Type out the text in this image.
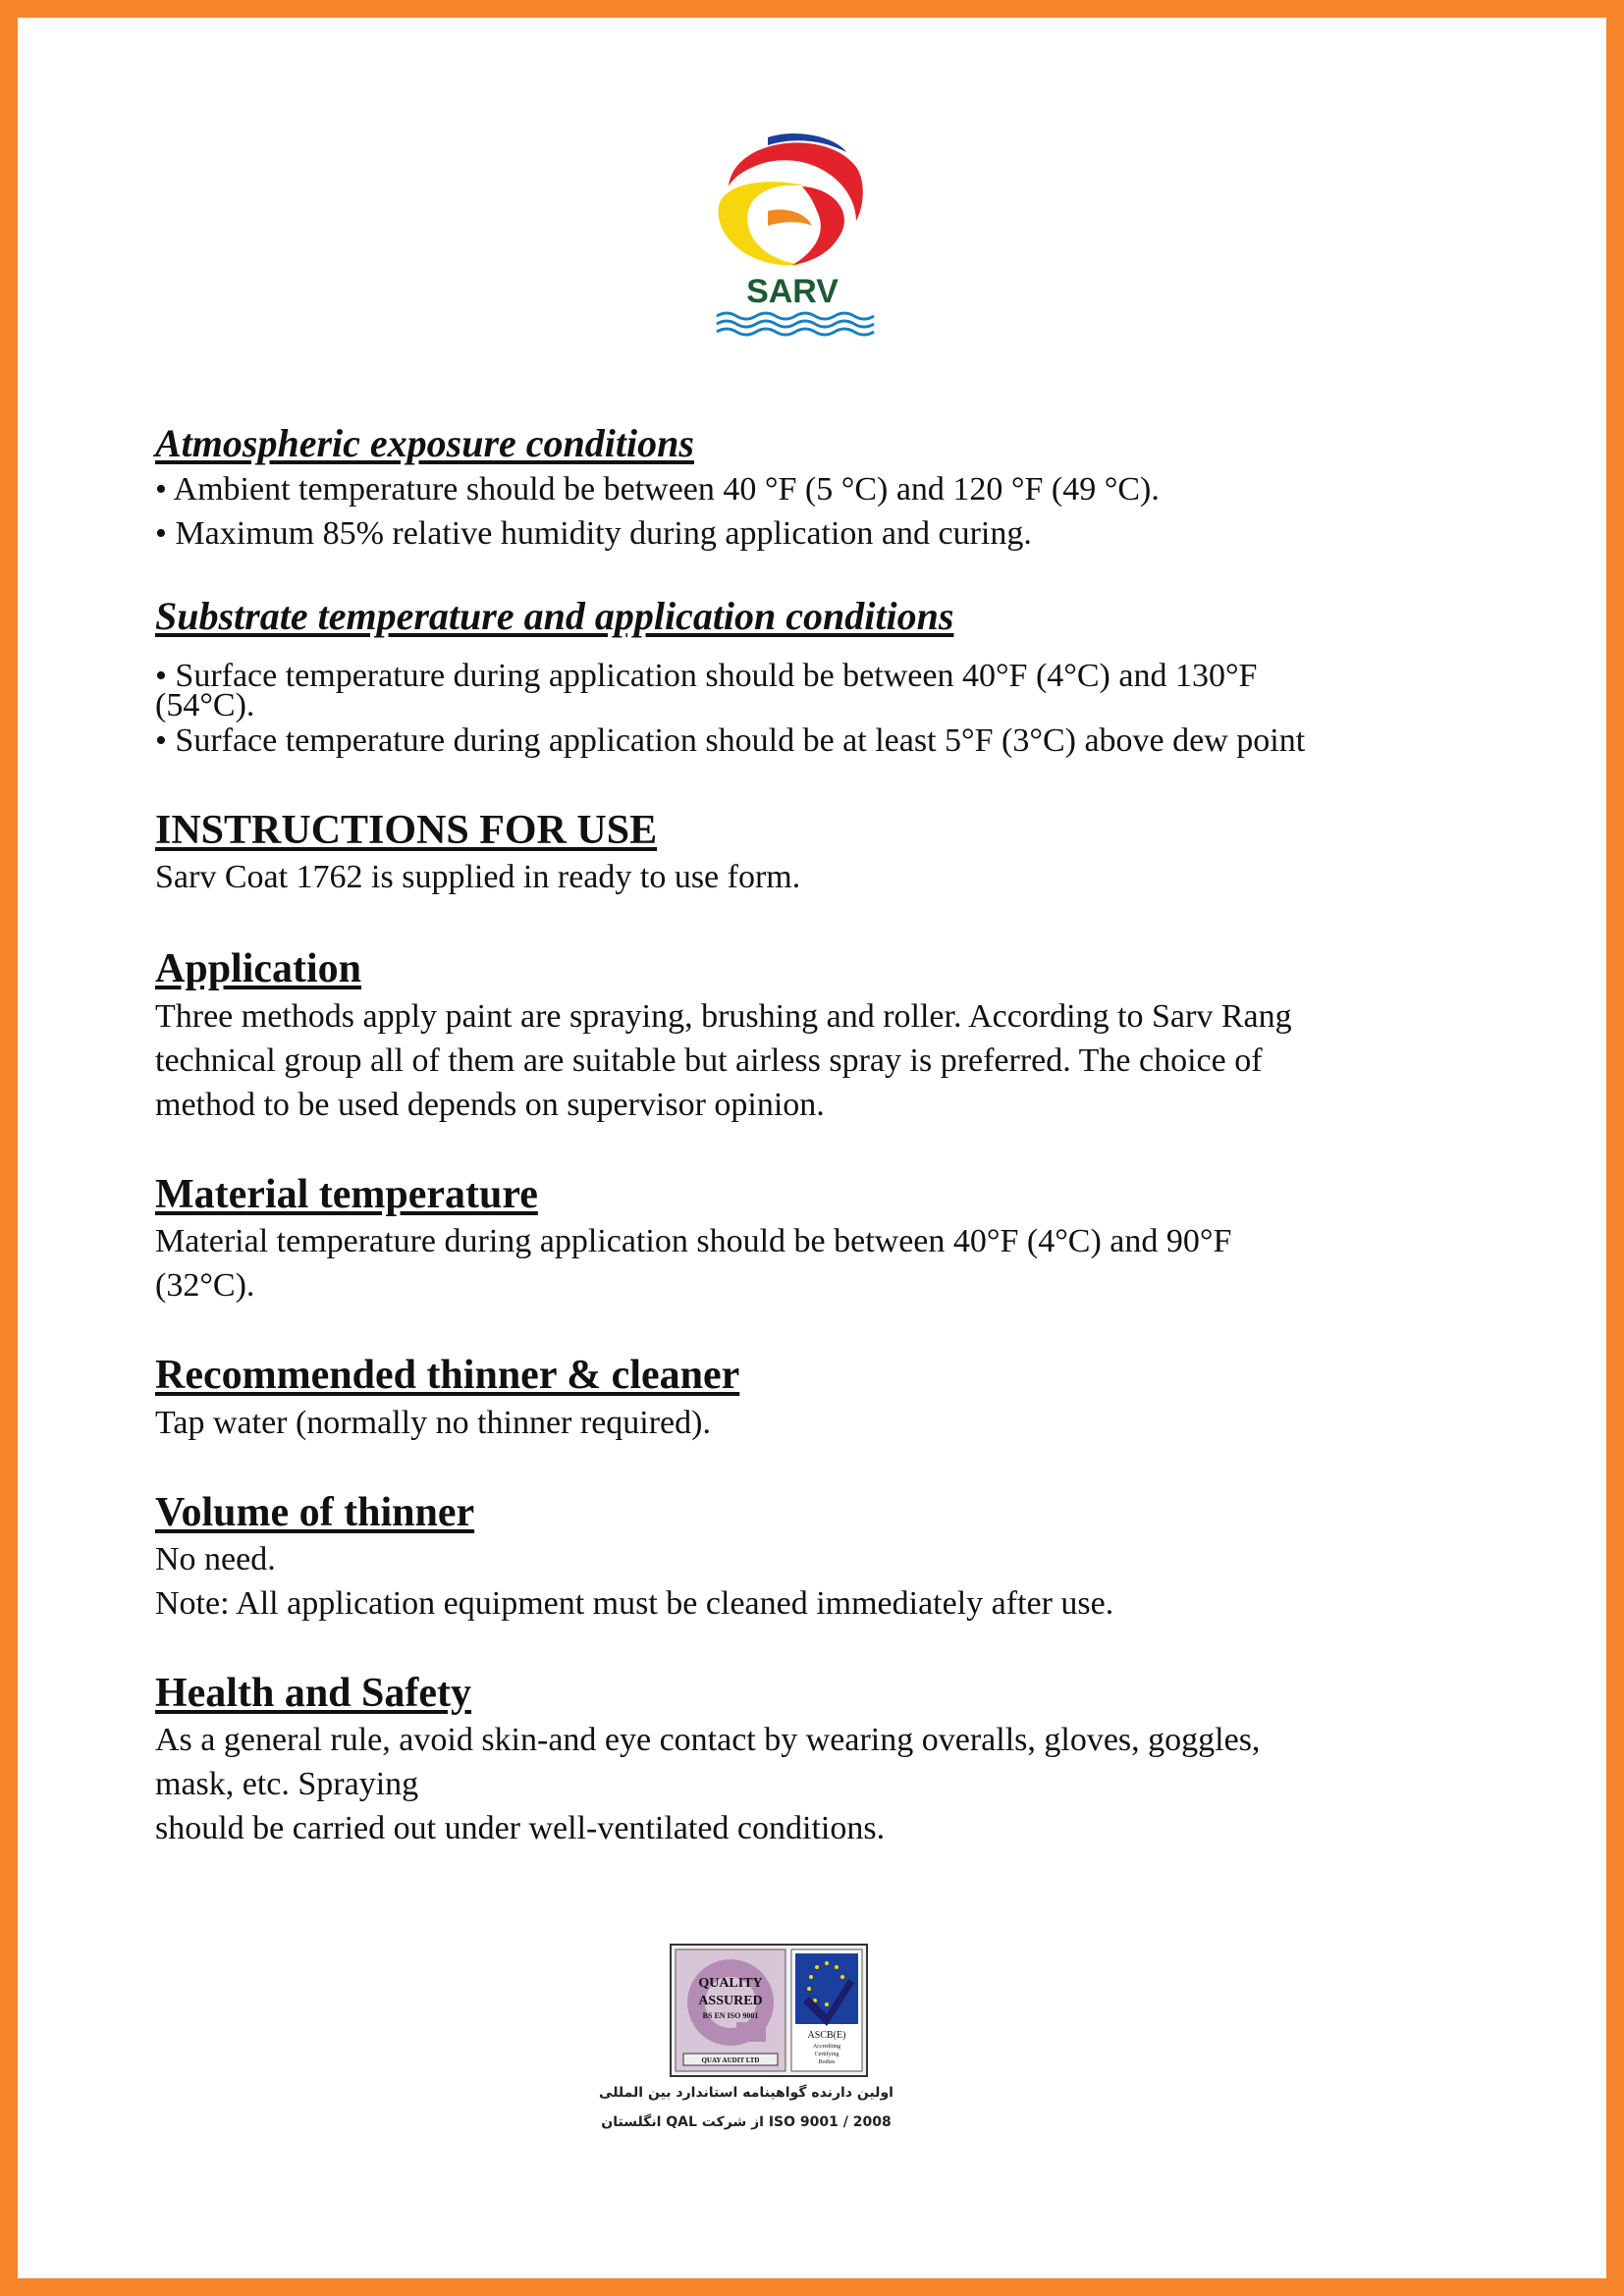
SARV
Atmospheric exposure conditions

• Ambient temperature should be between 40 °F (5 °C) and 120 °F (49 °C).

• Maximum 85% relative humidity during application and curing.

Substrate temperature and application conditions

• Surface temperature during application should be between 40°F (4°C) and 130°F

(54°C).

• Surface temperature during application should be at least 5°F (3°C) above dew point

INSTRUCTIONS FOR USE

Sarv Coat 1762 is supplied in ready to use form.

Application

Three methods apply paint are spraying, brushing and roller. According to Sarv Rang

technical group all of them are suitable but airless spray is preferred. The choice of

method to be used depends on supervisor opinion.

Material temperature

Material temperature during application should be between 40°F (4°C) and 90°F

(32°C).

Recommended thinner & cleaner

Tap water (normally no thinner required).

Volume of thinner

No need.

Note: All application equipment must be cleaned immediately after use.

Health and Safety

As a general rule, avoid skin-and eye contact by wearing overalls, gloves, goggles,

mask, etc. Spraying

should be carried out under well-ventilated conditions.

QUALITY
ASSURED
BS EN ISO 9001
QUAY AUDIT LTD
ASCB(E)
Accrediting
Certifying
Bodies
اولین دارنده گواهینامه استاندارد بین المللی
ISO 9001 / 2008 از شرکت QAL انگلستان
